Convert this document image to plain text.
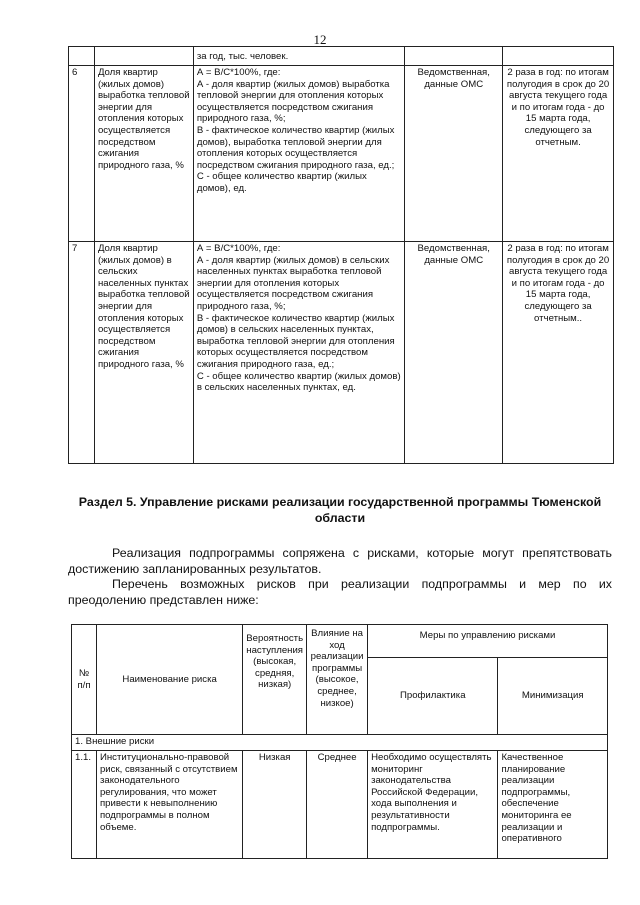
12
		за год, тыс. человек.		
6	Доля квартир (жилых домов) выработка тепловой энергии для отопления которых осуществляется посредством сжигания природного газа, %	А = В/С*100%, где:
А - доля квартир (жилых домов) выработка тепловой энергии для отопления которых осуществляется посредством сжигания природного газа, %;
В - фактическое количество квартир (жилых домов), выработка тепловой энергии для отопления которых осуществляется посредством сжигания природного газа, ед.;
С - общее количество квартир (жилых домов), ед.	Ведомственная, данные ОМС	2 раза в год: по итогам полугодия в срок до 20 августа текущего года и по итогам года - до 15 марта года, следующего за отчетным.
7	Доля квартир (жилых домов) в сельских населенных пунктах выработка тепловой энергии для отопления которых осуществляется посредством сжигания природного газа, %	А = В/С*100%, где:
А - доля квартир (жилых домов) в сельских населенных пунктах выработка тепловой энергии для отопления которых осуществляется посредством сжигания природного газа, %;
В - фактическое количество квартир (жилых домов) в сельских населенных пунктах, выработка тепловой энергии для отопления которых осуществляется посредством сжигания природного газа, ед.;
С - общее количество квартир (жилых домов) в сельских населенных пунктах, ед.	Ведомственная, данные ОМС	2 раза в год: по итогам полугодия в срок до 20 августа текущего года и по итогам года - до 15 марта года, следующего за отчетным..
Раздел 5. Управление рисками реализации государственной программы Тюменской области
Реализация подпрограммы сопряжена с рисками, которые могут препятствовать достижению запланированных результатов.
Перечень возможных рисков при реализации подпрограммы и мер по их преодолению представлен ниже:
№ п/п	Наименование риска	Вероятность наступления (высокая, средняя, низкая)	Влияние на ход реализации программы (высокое, среднее, низкое)	Меры по управлению рисками	
				Профилактика	Минимизация
1. Внешние риски					
1.1.	Институционально-правовой риск, связанный с отсутствием законодательного регулирования, что может привести к невыполнению подпрограммы в полном объеме.	Низкая	Среднее	Необходимо осуществлять мониторинг законодательства Российской Федерации, хода выполнения и результативности подпрограммы.	Качественное планирование реализации подпрограммы, обеспечение мониторинга ее реализации и оперативного
